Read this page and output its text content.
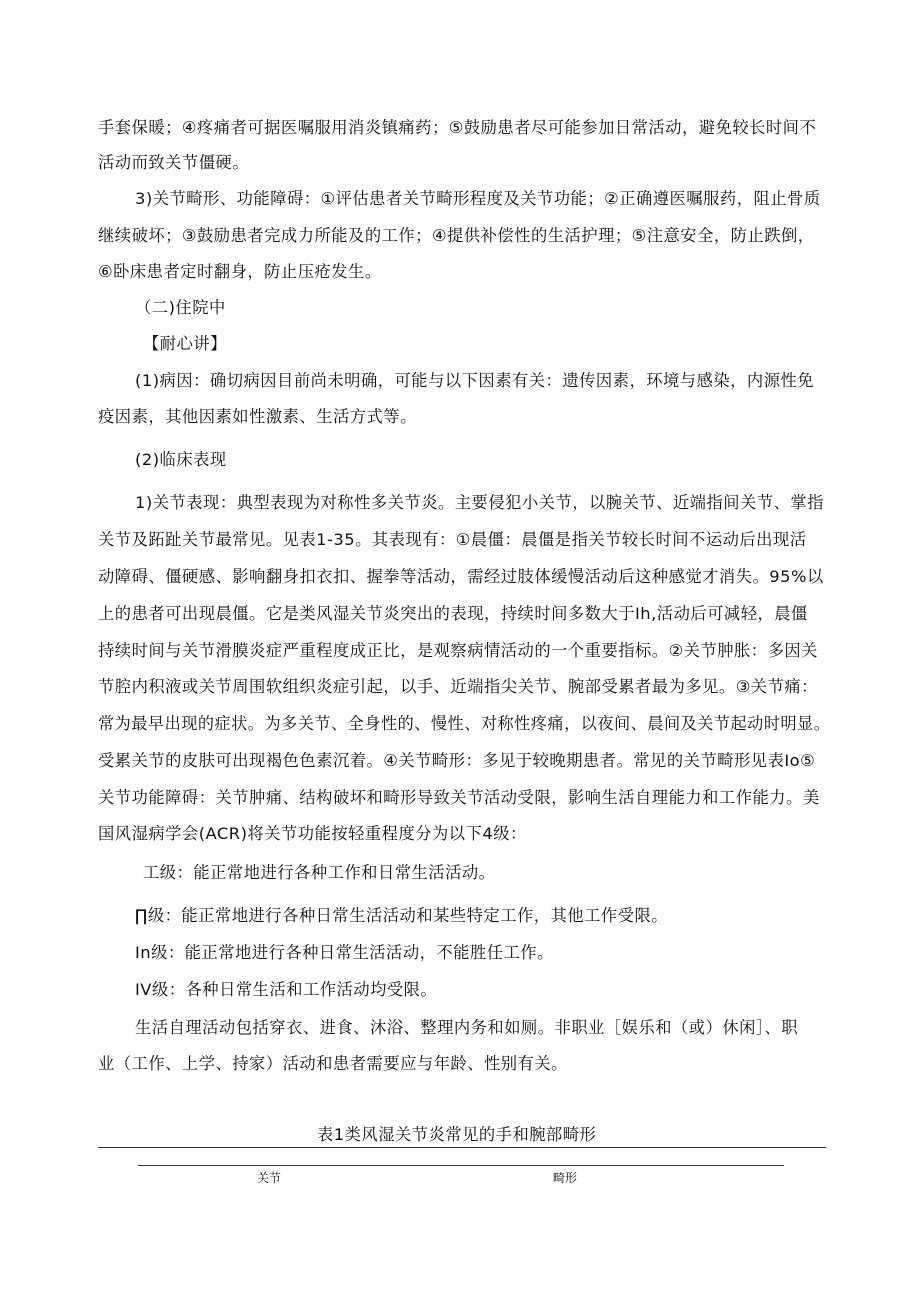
手套保暖；④疼痛者可据医嘱服用消炎镇痛药；⑤鼓励患者尽可能参加日常活动，避免较长时间不
活动而致关节僵硬。
3)关节畸形、功能障碍：①评估患者关节畸形程度及关节功能；②正确遵医嘱服药，阻止骨质
继续破坏；③鼓励患者完成力所能及的工作；④提供补偿性的生活护理；⑤注意安全，防止跌倒，
⑥卧床患者定时翻身，防止压疮发生。
（二)住院中
【耐心讲】
(1)病因：确切病因目前尚未明确，可能与以下因素有关：遗传因素，环境与感染，内源性免
疫因素，其他因素如性激素、生活方式等。
(2)临床表现
1)关节表现：典型表现为对称性多关节炎。主要侵犯小关节，以腕关节、近端指间关节、掌指
关节及跖趾关节最常见。见表1-35。其表现有：①晨僵：晨僵是指关节较长时间不运动后出现活
动障碍、僵硬感、影响翻身扣衣扣、握拳等活动，需经过肢体缓慢活动后这种感觉才消失。95%以
上的患者可出现晨僵。它是类风湿关节炎突出的表现，持续时间多数大于Ih,活动后可减轻，晨僵
持续时间与关节滑膜炎症严重程度成正比，是观察病情活动的一个重要指标。②关节肿胀：多因关
节腔内积液或关节周围软组织炎症引起，以手、近端指尖关节、腕部受累者最为多见。③关节痛：
常为最早出现的症状。为多关节、全身性的、慢性、对称性疼痛，以夜间、晨间及关节起动时明显。
受累关节的皮肤可出现褐色色素沉着。④关节畸形：多见于较晚期患者。常见的关节畸形见表Io⑤
关节功能障碍：关节肿痛、结构破坏和畸形导致关节活动受限，影响生活自理能力和工作能力。美
国风湿病学会(ACR)将关节功能按轻重程度分为以下4级：
工级：能正常地进行各种工作和日常生活活动。
∏级：能正常地进行各种日常生活活动和某些特定工作，其他工作受限。
In级：能正常地进行各种日常生活活动，不能胜任工作。
IV级：各种日常生活和工作活动均受限。
生活自理活动包括穿衣、进食、沐浴、整理内务和如厕。非职业［娱乐和（或）休闲］、职
业（工作、上学、持家）活动和患者需要应与年龄、性别有关。
表1类风湿关节炎常见的手和腕部畸形
关节	畸形
